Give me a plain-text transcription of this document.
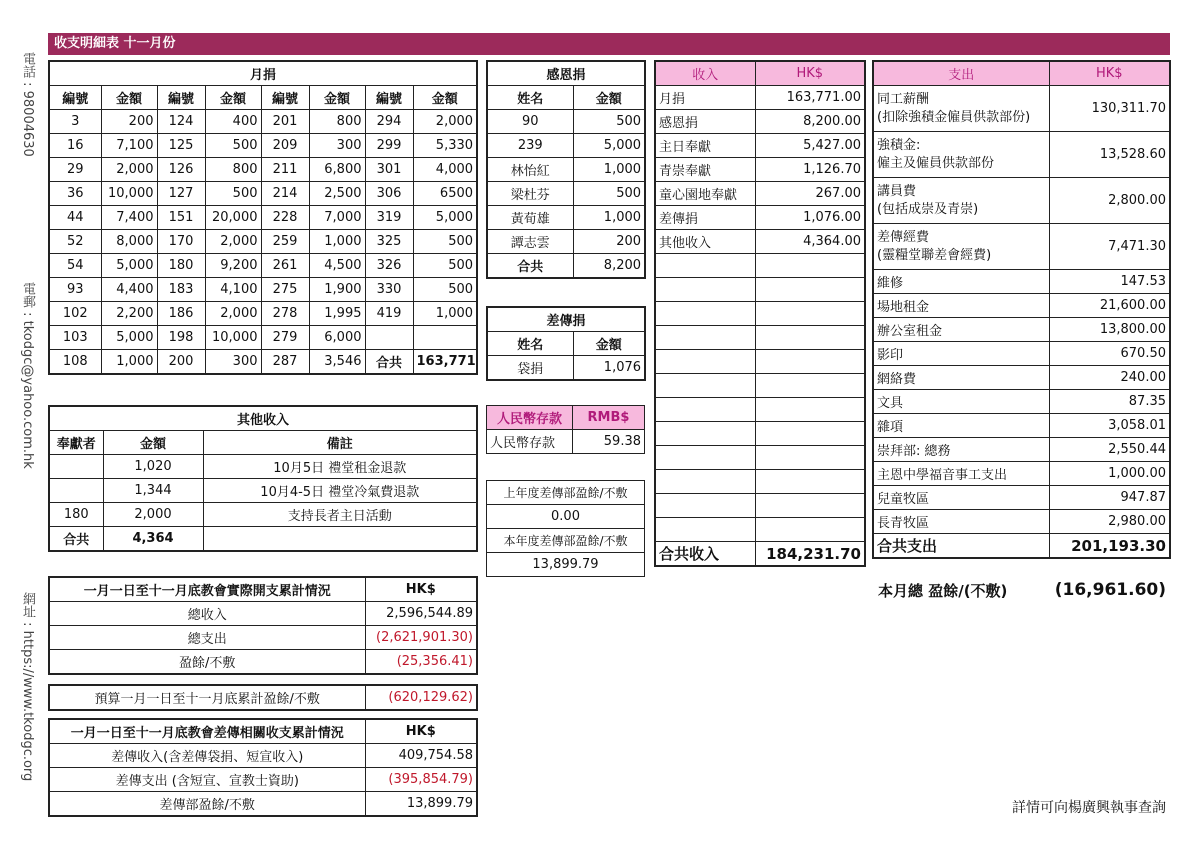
電話 : 98004630
電郵 : tkodgc@yahoo.com.hk
網址 : https://www.tkodgc.org
收支明細表 十一月份
月捐							
編號	金額	編號	金額	編號	金額	編號	金額
3	200	124	400	201	800	294	2,000
16	7,100	125	500	209	300	299	5,330
29	2,000	126	800	211	6,800	301	4,000
36	10,000	127	500	214	2,500	306	6500
44	7,400	151	20,000	228	7,000	319	5,000
52	8,000	170	2,000	259	1,000	325	500
54	5,000	180	9,200	261	4,500	326	500
93	4,400	183	4,100	275	1,900	330	500
102	2,200	186	2,000	278	1,995	419	1,000
103	5,000	198	10,000	279	6,000		
108	1,000	200	300	287	3,546	合共	163,771
感恩捐	
姓名	金額
90	500
239	5,000
林怡紅	1,000
梁杜芬	500
黃荀雄	1,000
譚志雲	200
合共	8,200
差傳捐	
姓名	金額
袋捐	1,076
收入	HK$
月捐	163,771.00
感恩捐	8,200.00
主日奉獻	5,427.00
青崇奉獻	1,126.70
童心園地奉獻	267.00
差傳捐	1,076.00
其他收入	4,364.00

合共收入	184,231.70
支出	HK$

同工薪酬
(扣除強積金僱員供款部份)	130,311.70

強積金:
僱主及僱員供款部份	13,528.60

講員費
(包括成崇及青崇)	2,800.00

差傳經費
(靈糧堂聯差會經費)	7,471.30
維修	147.53
場地租金	21,600.00
辦公室租金	13,800.00
影印	670.50
網絡費	240.00
文具	87.35
雜項	3,058.01
崇拜部: 總務	2,550.44
主恩中學福音事工支出	1,000.00
兒童牧區	947.87
長青牧區	2,980.00
合共支出	201,193.30
本月總 盈餘/(不敷)	(16,961.60)
其他收入		
奉獻者	金額	備註
	1,020	10月5日 禮堂租金退款
	1,344	10月4-5日 禮堂冷氣費退款
180	2,000	支持長者主日活動
合共	4,364	
人民幣存款	RMB$
人民幣存款	59.38
上年度差傳部盈餘/不敷
0.00
本年度差傳部盈餘/不敷
13,899.79
一月一日至十一月底教會實際開支累計情況	HK$
總收入	2,596,544.89
總支出	(2,621,901.30)
盈餘/不敷	(25,356.41)
預算一月一日至十一月底累計盈餘/不敷	(620,129.62)
一月一日至十一月底教會差傳相關收支累計情況	HK$
差傳收入(含差傳袋捐、短宣收入)	409,754.58
差傳支出 (含短宣、宣教士資助)	(395,854.79)
差傳部盈餘/不敷	13,899.79	詳情可向楊廣興執事查詢
